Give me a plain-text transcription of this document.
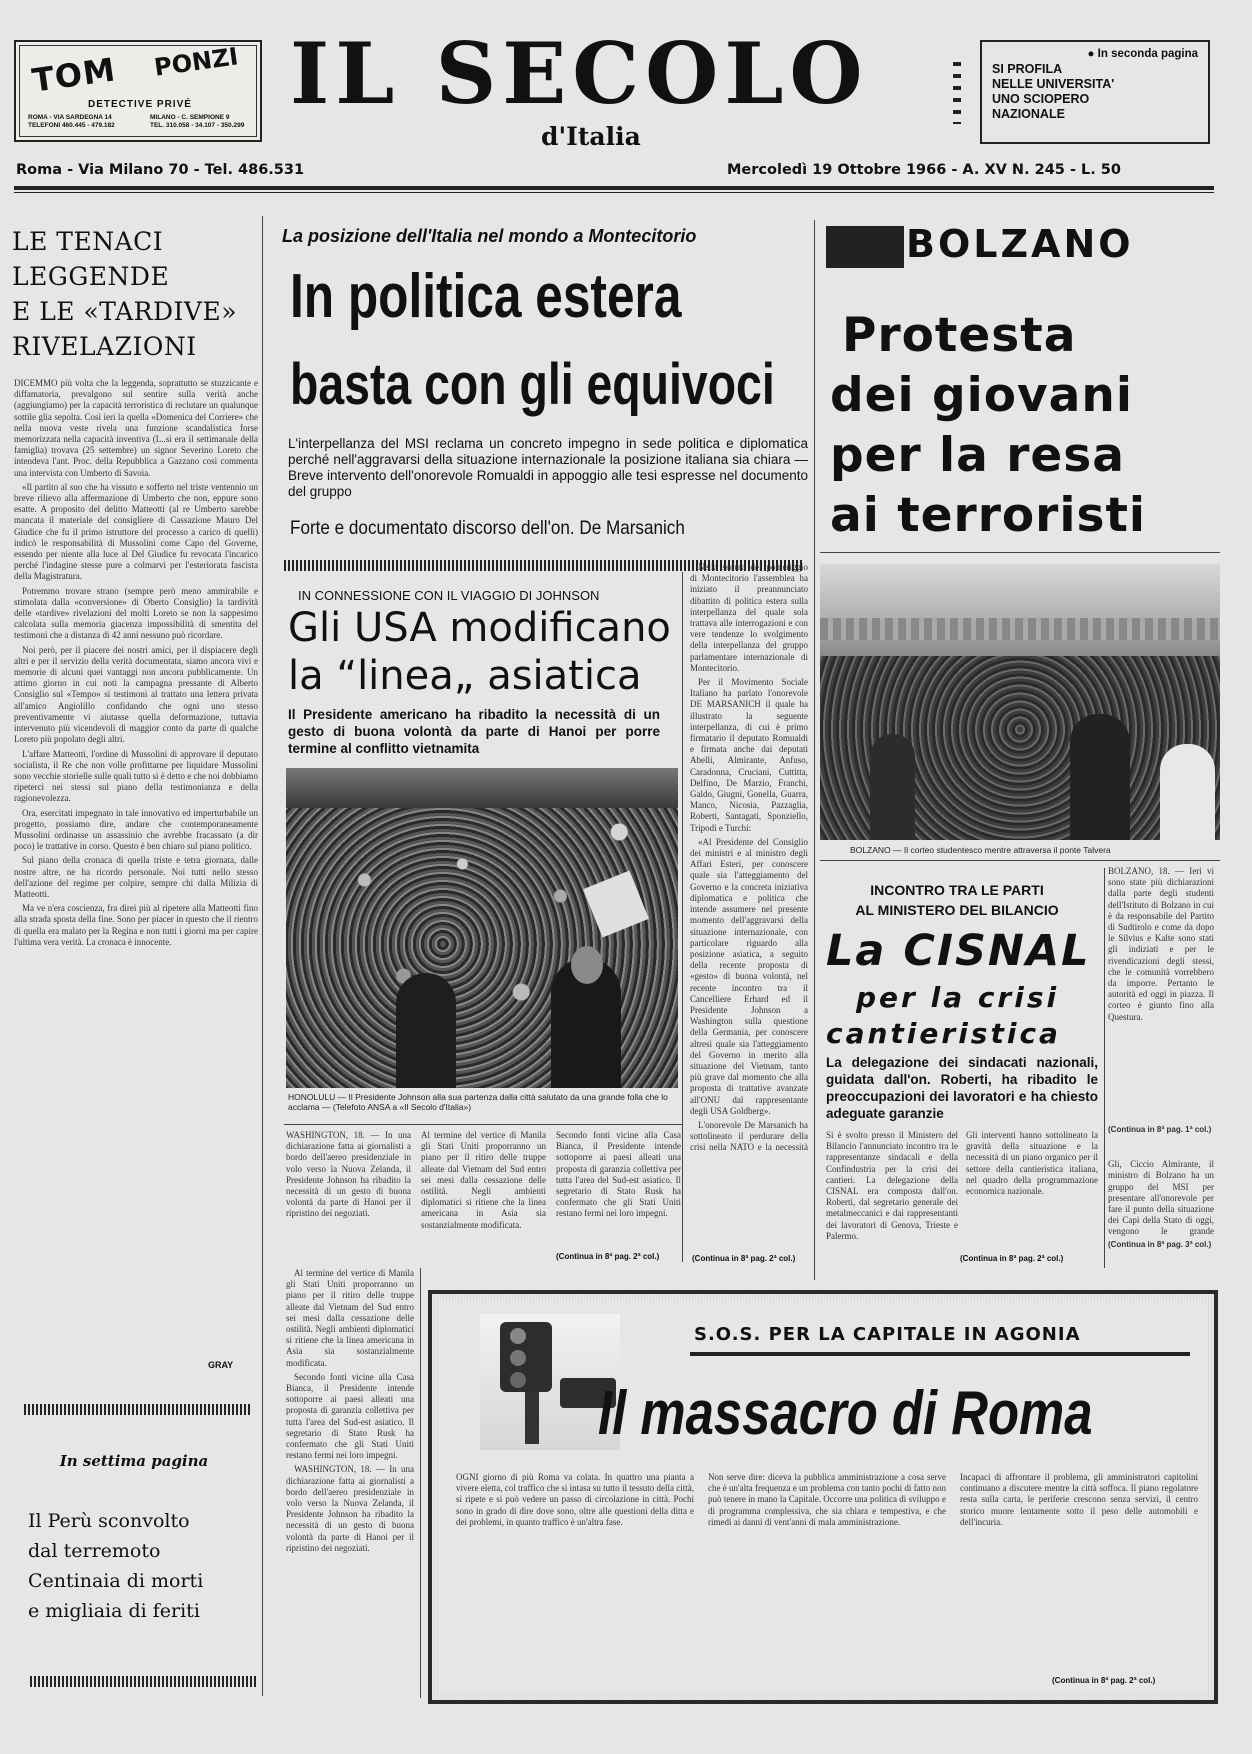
TOM PONZI
DETECTIVE PRIVÉ
ROMA - VIA SARDEGNA 14
TELEFONI 460.445 - 479.182
MILANO - C. SEMPIONE 9
TEL. 310.058 - 34.107 - 350.299
IL SECOLO
d'Italia
● In seconda pagina
SI PROFILA
NELLE UNIVERSITA'
UNO SCIOPERO
NAZIONALE
Roma - Via Milano 70 - Tel. 486.531	Mercoledì 19 Ottobre 1966 - A. XV N. 245 - L. 50
LE TENACI
LEGGENDE
E LE «TARDIVE»
RIVELAZIONI

DICEMMO più volta che la leggenda, soprattutto se stuzzicante e diffamatoria, prevalgono sul sentire sulla verità anche (aggiungiamo) per la capacità terroristica di reclutare un qualunque sottile glia sepolta. Così ieri la quella «Domenica del Corriere» che nella nuova veste rivela una funzione scandalistica forse memorizzata nella capacità inventiva (L..sì era il settimanale della famiglia) trovava (25 settembre) un signor Severino Loreto che intendeva l'ant. Proc. della Repubblica a Gazzano così commenta una intervista con Umberto di Savoia.

«Il partito al suo che ha vissuto e sofferto nel triste ventennio un breve rilievo alla affermazione di Umberto che non, eppure sono esatte. A proposito del delitto Matteotti (al re Umberto sarebbe mancata il materiale del consigliere di Cassazione Mauro Del Giudice che fu il primo istruttore del processo a carico di quelli) indicò le responsabilità di Mussolini come Capo del Governe, essendo per niente alla luce al Del Giudice fu revocata l'incarico perché l'indagine stesse pure a colmarvi per l'esteriorata fascista della Magistratura.

Potremmo trovare strano (sempre però meno ammirabile e stimolata dalla «conversione» di Oberto Consiglio) la tardività delle «tardive» rivelazioni del molti Loreto se non la sappesimo calcolata sulla memoria giacenza impossibilità di smentita del testimoni che a distanza di 42 anni nessuno può ricordare.

Noi però, per il piacere dei nostri amici, per il dispiacere degli altri e per il servizio della verità documentata, siamo ancora vivi e memorie di alcuni quei vantaggi non ancora pubblicamente. Un attimo giorno in cui noti la campagna pressante di Alberto Consiglio sul «Tempo» si testimoni al trattato una lettera privata all'amico Angiolillo confidando che ogni uno stesso preventivamente vi aiutasse quella deformazione, tuttavia intervenuto più vicendevoli di maggior conto da parte di qualche Loreto più popolato degli altri.

L'affare Matteotti, l'ordine di Mussolini di approvare il deputato socialista, il Re che non volle profittarne per liquidare Mussolini sono vecchie storielle sulle quali tutto si è detto e che noi dobbiamo ripeterci nei stessi sul piano della testimonianza e della ragionevolezza.

Ora, esercitati impegnato in tale innovativo ed imperturbabile un progetto, possiamo dire, andare che contemporaneamente Mussolini ordinasse un assassinio che avrebbe fracassato (a dir poco) le trattative in corso. Questo è ben chiaro sul piano politico.

Sul piano della cronaca di quella triste e tetra giornata, dalle nostre altre, ne ha ricordo personale. Noi tutti nello stesso dell'azione del regime per colpire, sempre chi dalla Milizia di Matteotti.

Ma ve n'era coscienza, fra direi più al ripetere alla Matteotti fino alla strada sposta della fine. Sono per piacer in questo che il rientro di quella era malato per la Regina e non tutti i giorni ma per capire l'ultima vera verità. La cronaca è innocente.

GRAY
In settima pagina
Il Perù sconvolto
dal terremoto
Centinaia di morti
e migliaia di feriti
La posizione dell'Italia nel mondo a Montecitorio
In politica estera
basta con gli equivoci
L'interpellanza del MSI reclama un concreto impegno in sede politica e diplomatica perché nell'aggravarsi della situazione internazionale la posizione italiana sia chiara — Breve intervento dell'onorevole Romualdi in appoggio alle tesi espresse nel documento del gruppo
Forte e documentato discorso dell'on. De Marsanich
IN CONNESSIONE CON IL VIAGGIO DI JOHNSON
Gli USA modificano
la “linea„ asiatica
Il Presidente americano ha ribadito la necessità di un gesto di buona volontà da parte di Hanoi per porre termine al conflitto vietnamita

Nella seduta del pomeriggio di Montecitorio l'assemblea ha iniziato il preannunciato dibattito di politica estera sulla interpellanza del quale sola trattava alle interrogazioni e con vere tendenze lo svolgimento della interpellanza del gruppo parlamentare internazionale di Montecitorio.

Per il Movimento Sociale Italiano ha parlato l'onorevole DE MARSANICH il quale ha illustrato la seguente interpellanza, di cui è primo firmatario il deputato Romualdi e firmata anche dai deputati Abelli, Almirante, Anfuso, Caradonna, Cruciani, Cuttitta, Delfino, De Marzio, Franchi, Galdo, Giugni, Gonella, Guarra, Manco, Nicosia, Pazzaglia, Roberti, Santagati, Sponziello, Tripodi e Turchi:

«Al Presidente del Consiglio dei ministri e al ministro degli Affari Esteri, per conoscere quale sia l'atteggiamento del Governo e la concreta iniziativa diplomatica e politica che intende assumere nel presente momento dell'aggravarsi della situazione internazionale, con particolare riguardo alla posizione asiatica, a seguito della recente proposta di «gesto» di buona volontà, nel recente incontro tra il Cancelliere Erhard ed il Presidente Johnson a Washington sulla questione della Germania, per conoscere altresì quale sia l'atteggiamento del Governo in merito alla situazione del Vietnam, tanto più grave dal momento che alla proposta di trattative avanzate all'ONU dal rappresentante degli USA Goldberg».

L'onorevole De Marsanich ha sottolineato il perdurare della crisi nella NATO e la necessità

HONOLULU — Il Presidente Johnson alla sua partenza dalla città salutato da una grande folla che lo acclama — (Telefoto ANSA a «Il Secolo d'Italia»)
WASHINGTON, 18. — In una dichiarazione fatta ai giornalisti a bordo dell'aereo presidenziale in volo verso la Nuova Zelanda, il Presidente Johnson ha ribadito la necessità di un gesto di buona volontà da parte di Hanoi per il ripristino dei negoziati.
Al termine del vertice di Manila gli Stati Uniti proporranno un piano per il ritiro delle truppe alleate dal Vietnam del Sud entro sei mesi dalla cessazione delle ostilità. Negli ambienti diplomatici si ritiene che la linea americana in Asia sia sostanzialmente modificata.
Secondo fonti vicine alla Casa Bianca, il Presidente intende sottoporre ai paesi alleati una proposta di garanzia collettiva per tutta l'area del Sud-est asiatico. Il segretario di Stato Rusk ha confermato che gli Stati Uniti restano fermi nei loro impegni.
(Continua in 8ª pag. 2ª col.)	(Continua in 8ª pag. 2ª col.)
BOLZANO
Protesta
dei giovani
per la resa
ai terroristi
BOLZANO — Il corteo studentesco mentre attraversa il ponte Talvera
INCONTRO TRA LE PARTI
AL MINISTERO DEL BILANCIO
La CISNAL
per la crisi
cantieristica
La delegazione dei sindacati nazionali, guidata dall'on. Roberti, ha ribadito le preoccupazioni dei lavoratori e ha chiesto adeguate garanzie
Si è svolto presso il Ministero del Bilancio l'annunciato incontro tra le rappresentanze sindacali e della Confindustria per la crisi dei cantieri. La delegazione della CISNAL era composta dall'on. Roberti, dal segretario generale dei metalmeccanici e dai rappresentanti dei lavoratori di Genova, Trieste e Palermo.
Gli interventi hanno sottolineato la gravità della situazione e la necessità di un piano organico per il settore della cantieristica italiana, nel quadro della programmazione economica nazionale.
(Continua in 8ª pag. 2ª col.)
BOLZANO, 18. — Ieri vi sono state più dichiarazioni dalla parte degli studenti dell'Istituto di Bolzano in cui è da responsabile del Partito di Sudtirolo e come da dopo le Silvius e Kalte sono stati gli indiziati e per le rivendicazioni degli stessi, che le comunità vorrebbero da imporre. Pertanto le autorità ed oggi in piazza. Il corteo è giunto fino alla Questura.
(Continua in 8ª pag. 1ª col.)
Gli, Ciccio Almirante, il ministro di Bolzano ha un gruppo del MSI per presentare all'onorevole per fare il punto della situazione dei Capi della Stato di oggi, vengono le grande
(Continua in 8ª pag. 3ª col.)
S.O.S. PER LA CAPITALE IN AGONIA
Il massacro di Roma
OGNI giorno di più Roma va colata. In quattro una pianta a vivere eletta, col traffico che si intasa su tutto il tessuto della città, si ripete e si può vedere un passo di circolazione in città. Pochi sono in grado di dire dove sono, oltre alle questioni della ditta e dei problemi, in quanto traffico è un'altra fase.
Non serve dire: diceva la pubblica amministrazione a cosa serve che è un'alta frequenza e un problema con tanto pochi di fatto non può tenere in mano la Capitale. Occorre una politica di sviluppo e di programma complessiva, che sia chiara e tempestiva, e che rimedi ai danni di vent'anni di mala amministrazione.
Incapaci di affrontare il problema, gli amministratori capitolini continuano a discutere mentre la città soffoca. Il piano regolatore resta sulla carta, le periferie crescono senza servizi, il centro storico muore lentamente sotto il peso delle automobili e dell'incuria.
(Continua in 8ª pag. 2ª col.)

Al termine del vertice di Manila gli Stati Uniti proporranno un piano per il ritiro delle truppe alleate dal Vietnam del Sud entro sei mesi dalla cessazione delle ostilità. Negli ambienti diplomatici si ritiene che la linea americana in Asia sia sostanzialmente modificata.

Secondo fonti vicine alla Casa Bianca, il Presidente intende sottoporre ai paesi alleati una proposta di garanzia collettiva per tutta l'area del Sud-est asiatico. Il segretario di Stato Rusk ha confermato che gli Stati Uniti restano fermi nei loro impegni.

WASHINGTON, 18. — In una dichiarazione fatta ai giornalisti a bordo dell'aereo presidenziale in volo verso la Nuova Zelanda, il Presidente Johnson ha ribadito la necessità di un gesto di buona volontà da parte di Hanoi per il ripristino dei negoziati.
